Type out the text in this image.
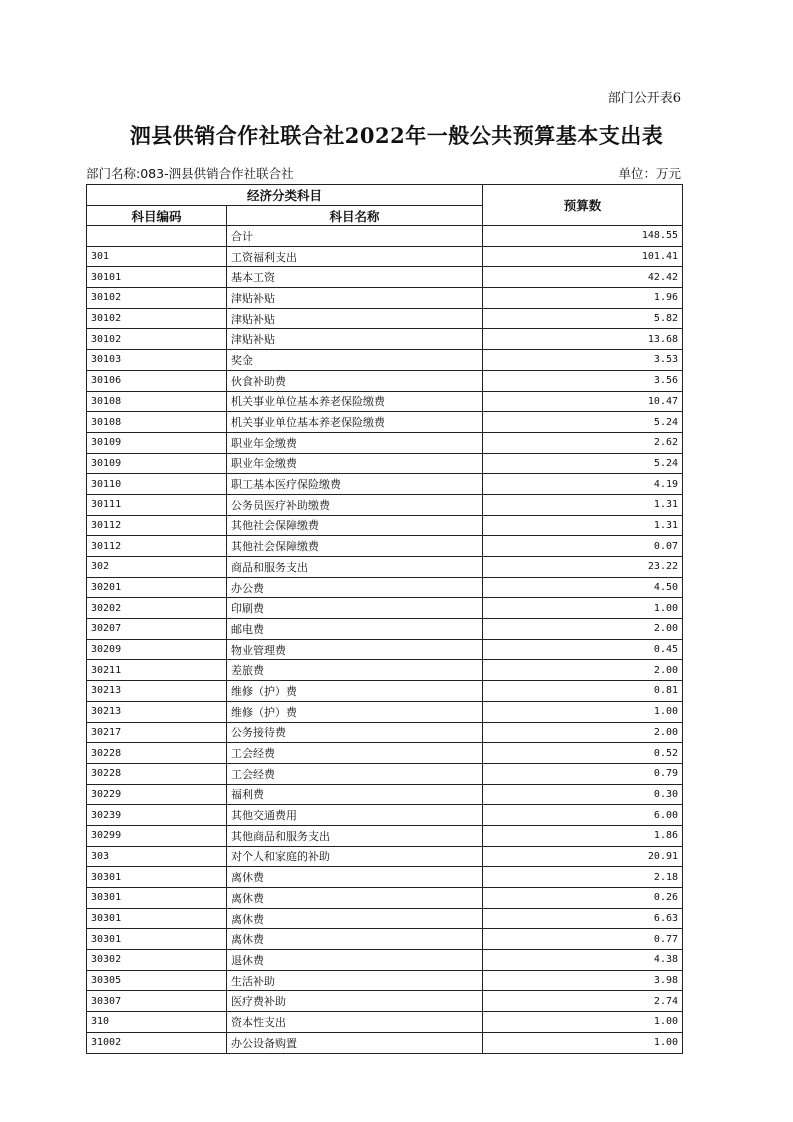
部门公开表6
泗县供销合作社联合社2022年一般公共预算基本支出表
部门名称:083-泗县供销合作社联合社	单位：万元
经济分类科目		预算数
科目编码	科目名称	
	合计	148.55
301	工资福利支出	101.41
30101	基本工资	42.42
30102	津贴补贴	1.96
30102	津贴补贴	5.82
30102	津贴补贴	13.68
30103	奖金	3.53
30106	伙食补助费	3.56
30108	机关事业单位基本养老保险缴费	10.47
30108	机关事业单位基本养老保险缴费	5.24
30109	职业年金缴费	2.62
30109	职业年金缴费	5.24
30110	职工基本医疗保险缴费	4.19
30111	公务员医疗补助缴费	1.31
30112	其他社会保障缴费	1.31
30112	其他社会保障缴费	0.07
302	商品和服务支出	23.22
30201	办公费	4.50
30202	印刷费	1.00
30207	邮电费	2.00
30209	物业管理费	0.45
30211	差旅费	2.00
30213	维修（护）费	0.81
30213	维修（护）费	1.00
30217	公务接待费	2.00
30228	工会经费	0.52
30228	工会经费	0.79
30229	福利费	0.30
30239	其他交通费用	6.00
30299	其他商品和服务支出	1.86
303	对个人和家庭的补助	20.91
30301	离休费	2.18
30301	离休费	0.26
30301	离休费	6.63
30301	离休费	0.77
30302	退休费	4.38
30305	生活补助	3.98
30307	医疗费补助	2.74
310	资本性支出	1.00
31002	办公设备购置	1.00
